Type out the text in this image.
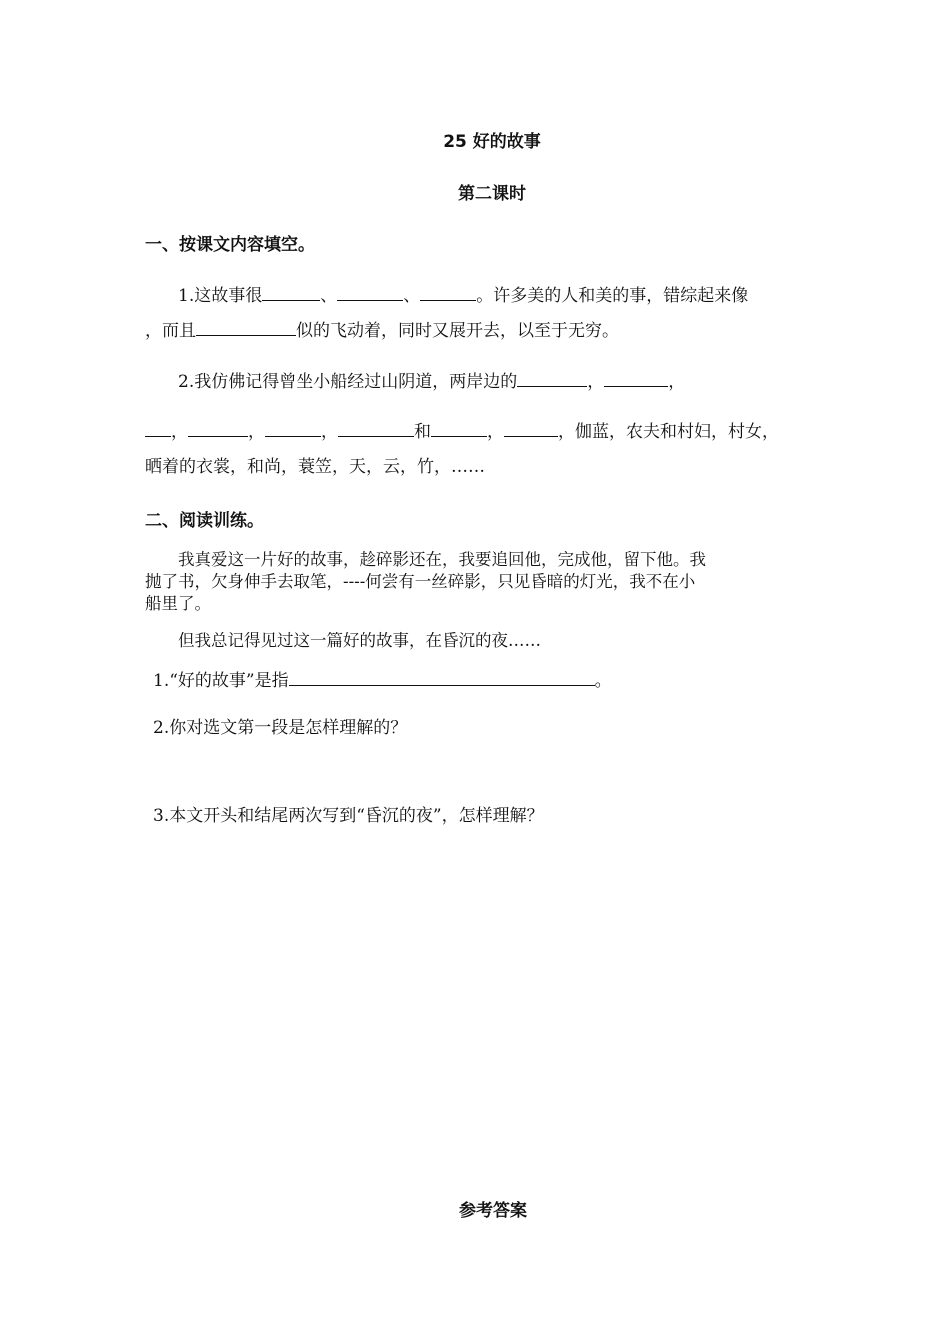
25 好的故事
第二课时
一、按课文内容填空。
1.这故事很	、	、	。许多美的人和美的事，错综起来像
，而且	似的飞动着，同时又展开去，以至于无穷。
2.我仿佛记得曾坐小船经过山阴道，两岸边的	，	，
，	，	，	和	，	，伽蓝，农夫和村妇，村女，
晒着的衣裳，和尚，蓑笠，天，云，竹，……
二、阅读训练。
我真爱这一片好的故事，趁碎影还在，我要追回他，完成他，留下他。我
抛了书，欠身伸手去取笔，----何尝有一丝碎影，只见昏暗的灯光，我不在小
船里了。
但我总记得见过这一篇好的故事，在昏沉的夜……
1.“好的故事”是指	。
2.你对选文第一段是怎样理解的？
3.本文开头和结尾两次写到“昏沉的夜”，怎样理解？
参考答案
